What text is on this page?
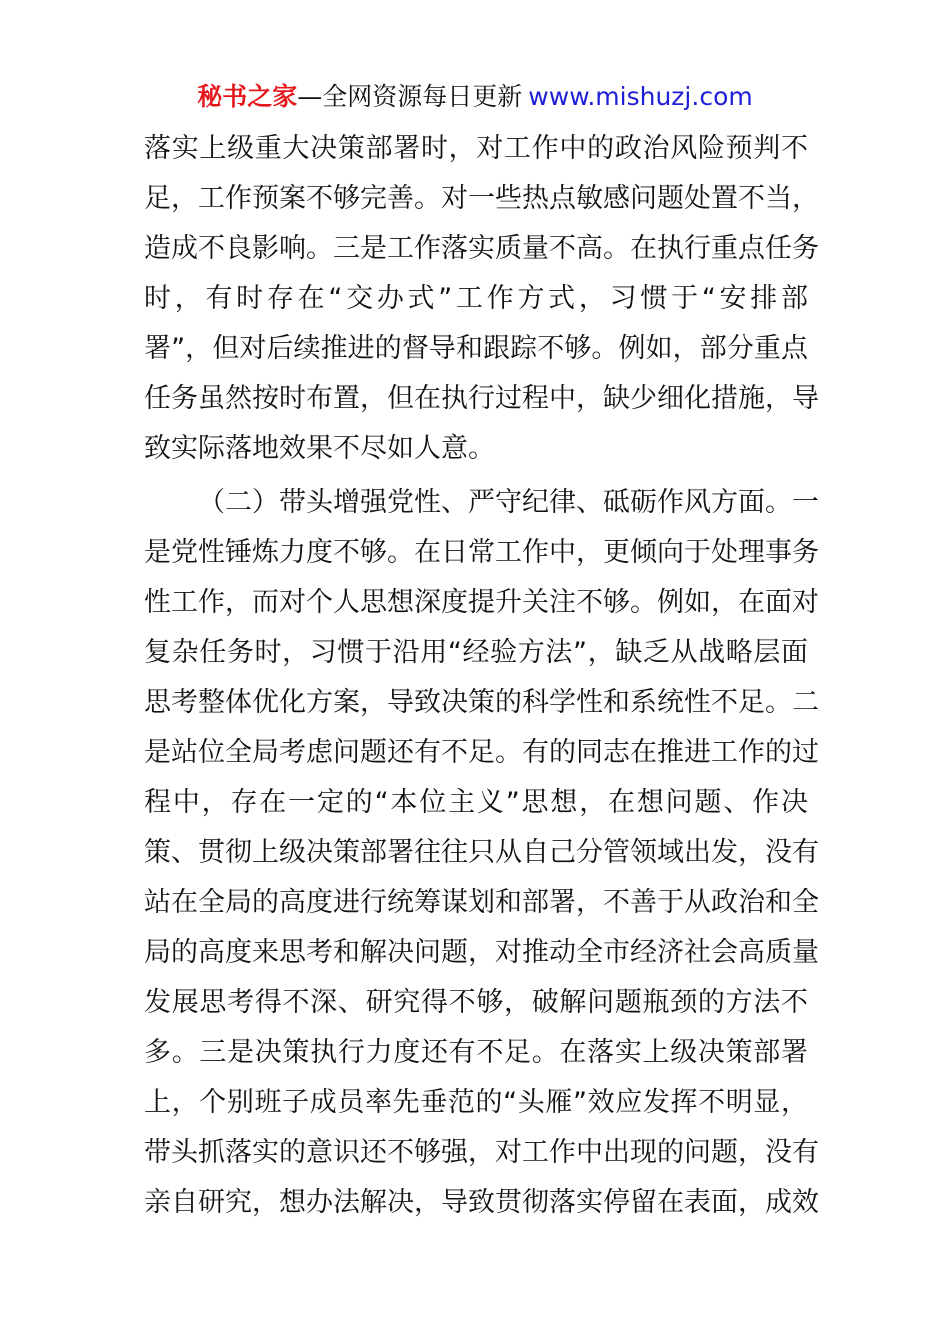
秘书之家—全网资源每日更新 www.mishuzj.com
落实上级重大决策部署时，对工作中的政治风险预判不
足，工作预案不够完善。对一些热点敏感问题处置不当，
造成不良影响。三是工作落实质量不高。在执行重点任务
时，有时存在“交办式”工作方式，习惯于“安排部
署”，但对后续推进的督导和跟踪不够。例如，部分重点
任务虽然按时布置，但在执行过程中，缺少细化措施，导
致实际落地效果不尽如人意。
（二）带头增强党性、严守纪律、砥砺作风方面。一
是党性锤炼力度不够。在日常工作中，更倾向于处理事务
性工作，而对个人思想深度提升关注不够。例如，在面对
复杂任务时，习惯于沿用“经验方法”，缺乏从战略层面
思考整体优化方案，导致决策的科学性和系统性不足。二
是站位全局考虑问题还有不足。有的同志在推进工作的过
程中，存在一定的“本位主义”思想，在想问题、作决
策、贯彻上级决策部署往往只从自己分管领域出发，没有
站在全局的高度进行统筹谋划和部署，不善于从政治和全
局的高度来思考和解决问题，对推动全市经济社会高质量
发展思考得不深、研究得不够，破解问题瓶颈的方法不
多。三是决策执行力度还有不足。在落实上级决策部署
上，个别班子成员率先垂范的“头雁”效应发挥不明显，
带头抓落实的意识还不够强，对工作中出现的问题，没有
亲自研究，想办法解决，导致贯彻落实停留在表面，成效
